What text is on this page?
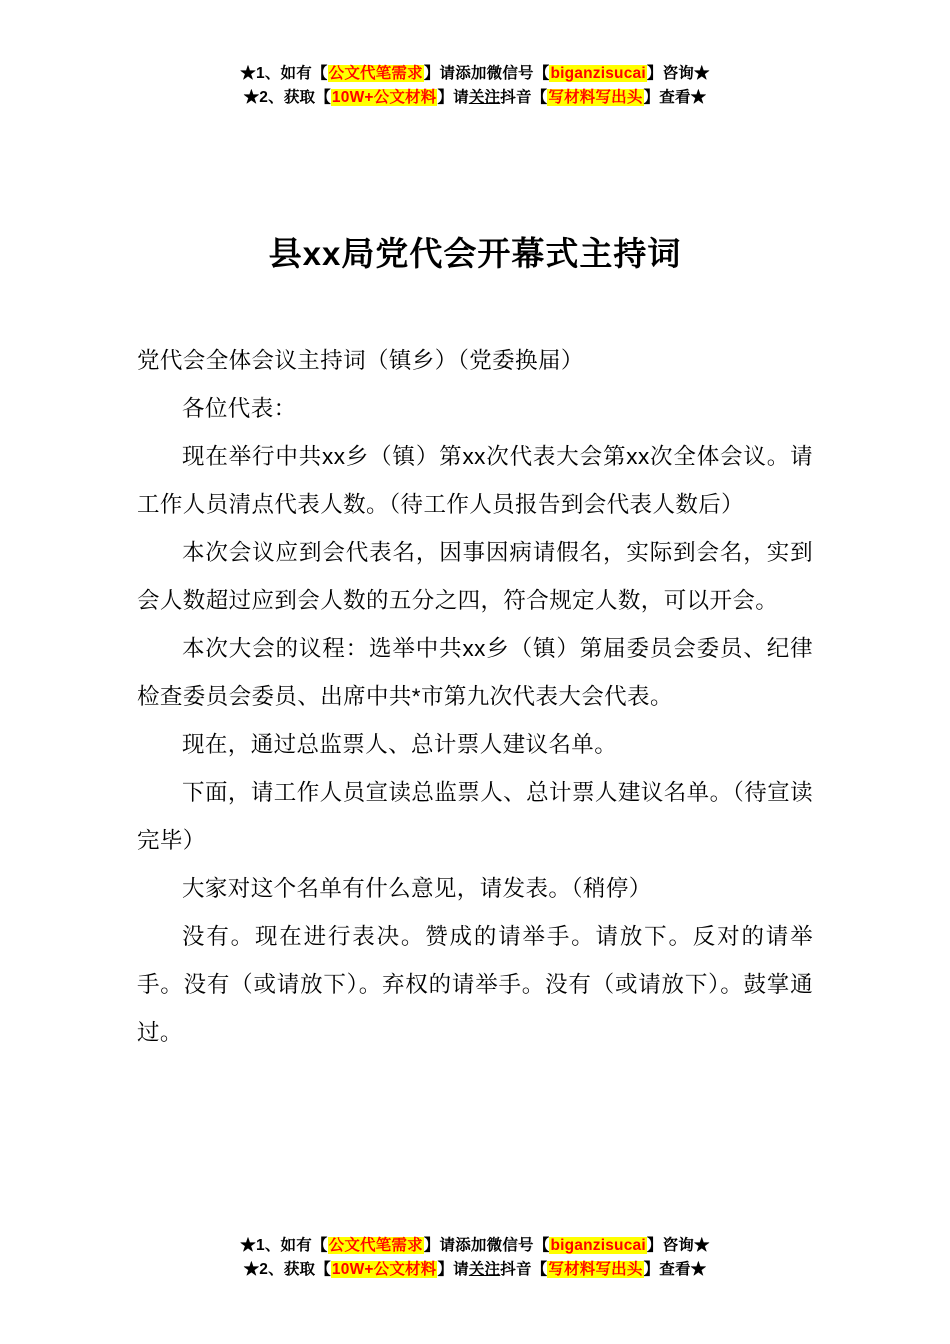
★1、如有【公文代笔需求】请添加微信号【biganzisucai】咨询★
★2、获取【10W+公文材料】请关注抖音【写材料写出头】查看★
县xx局党代会开幕式主持词

党代会全体会议主持词（镇乡）（党委换届）

各位代表：

现在举行中共xx乡（镇）第xx次代表大会第xx次全体会议。请工作人员清点代表人数。（待工作人员报告到会代表人数后）

本次会议应到会代表名，因事因病请假名，实际到会名，实到会人数超过应到会人数的五分之四，符合规定人数，可以开会。

本次大会的议程：选举中共xx乡（镇）第届委员会委员、纪律检查委员会委员、出席中共*市第九次代表大会代表。

现在，通过总监票人、总计票人建议名单。

下面，请工作人员宣读总监票人、总计票人建议名单。（待宣读完毕）

大家对这个名单有什么意见，请发表。（稍停）

没有。现在进行表决。赞成的请举手。请放下。反对的请举手。没有（或请放下）。弃权的请举手。没有（或请放下）。鼓掌通过。

★1、如有【公文代笔需求】请添加微信号【biganzisucai】咨询★
★2、获取【10W+公文材料】请关注抖音【写材料写出头】查看★
